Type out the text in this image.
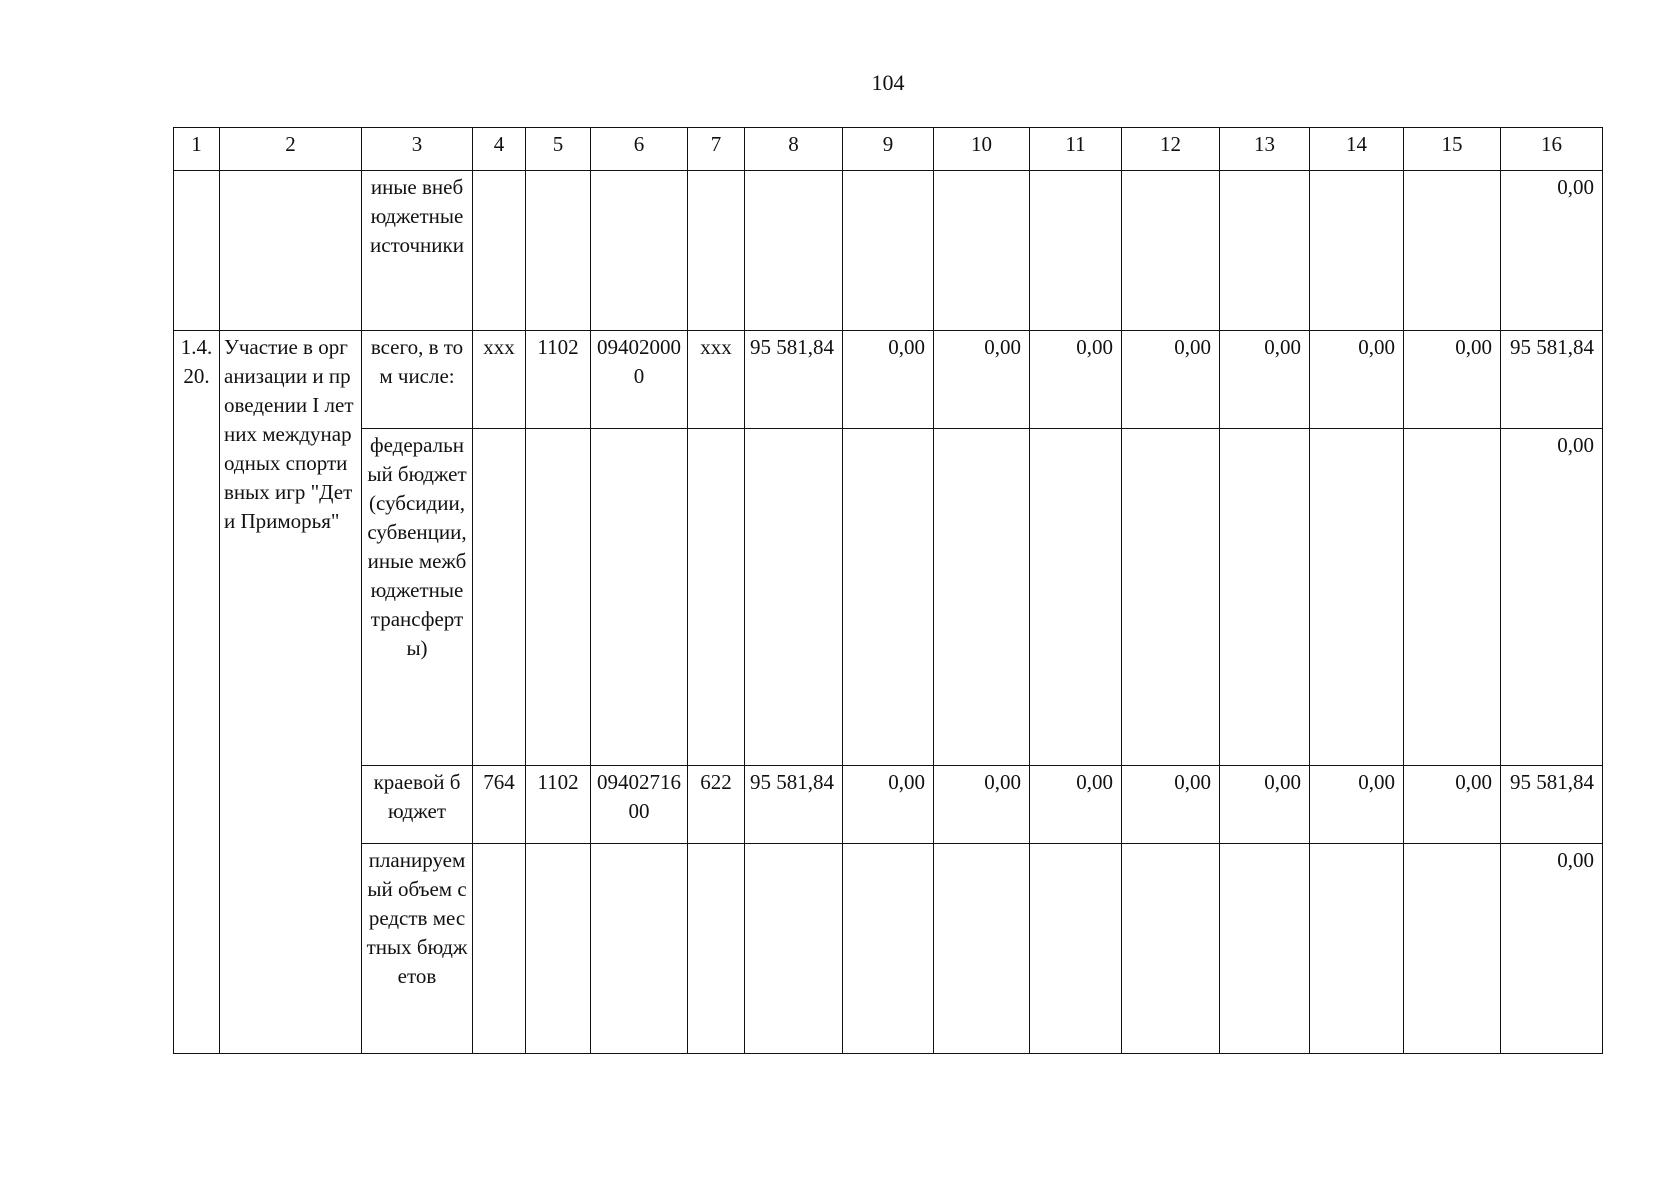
104
1	2	3	4	5	6	7	8	9	10	11	12	13	14	15	16
		иные внебюджетные источники													0,00
1.4.20.	Участие в организации и проведении I летних международных спортивных игр "Дети Приморья"	всего, в том числе:	ххх	1102	094020000	ххх	95 581,84	0,00	0,00	0,00	0,00	0,00	0,00	0,00	95 581,84
		федеральный бюджет (субсидии, субвенции, иные межбюджетные трансферты)													0,00
		краевой бюджет	764	1102	0940271600	622	95 581,84	0,00	0,00	0,00	0,00	0,00	0,00	0,00	95 581,84
		планируемый объем средств местных бюджетов													0,00
